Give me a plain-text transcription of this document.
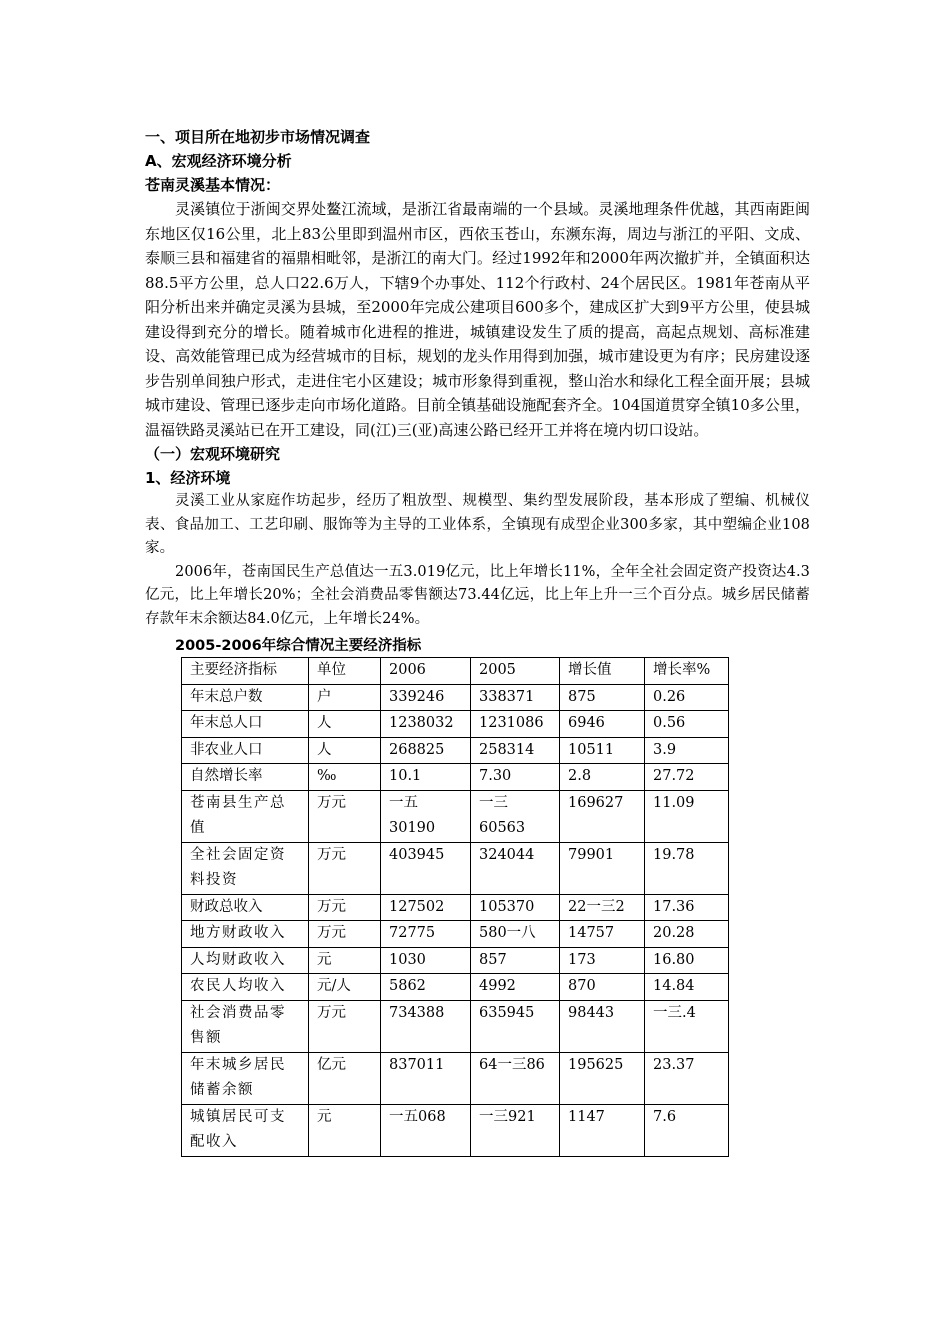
一、项目所在地初步市场情况调查

A、宏观经济环境分析

苍南灵溪基本情况：

灵溪镇位于浙闽交界处鳌江流域，是浙江省最南端的一个县域。灵溪地理条件优越，其西南距闽东地区仅16公里，北上83公里即到温州市区，西依玉苍山，东濒东海，周边与浙江的平阳、文成、泰顺三县和福建省的福鼎相毗邻，是浙江的南大门。经过1992年和2000年两次撤扩并，全镇面积达88.5平方公里，总人口22.6万人，下辖9个办事处、112个行政村、24个居民区。1981年苍南从平阳分析出来并确定灵溪为县城，至2000年完成公建项目600多个，建成区扩大到9平方公里，使县城建设得到充分的增长。随着城市化进程的推进，城镇建设发生了质的提高，高起点规划、高标准建设、高效能管理已成为经营城市的目标，规划的龙头作用得到加强，城市建设更为有序；民房建设逐步告别单间独户形式，走进住宅小区建设；城市形象得到重视，整山治水和绿化工程全面开展；县城城市建设、管理已逐步走向市场化道路。目前全镇基础设施配套齐全。104国道贯穿全镇10多公里，温福铁路灵溪站已在开工建设，同(江)三(亚)高速公路已经开工并将在境内切口设站。

（一）宏观环境研究

1、经济环境

灵溪工业从家庭作坊起步，经历了粗放型、规模型、集约型发展阶段，基本形成了塑编、机械仪表、食品加工、工艺印刷、服饰等为主导的工业体系，全镇现有成型企业300多家，其中塑编企业108家。

2006年，苍南国民生产总值达一五3.019亿元，比上年增长11%，全年全社会固定资产投资达4.3亿元，比上年增长20%；全社会消费品零售额达73.44亿远，比上年上升一三个百分点。城乡居民储蓄存款年末余额达84.0亿元，上年增长24%。

2005-2006年综合情况主要经济指标

主要经济指标	单位	2006	2005	增长值	增长率%
年末总户数	户	339246	338371	875	0.26
年末总人口	人	1238032	1231086	6946	0.56
非农业人口	人	268825	258314	10511	3.9
自然增长率	‰	10.1	7.30	2.8	27.72
苍南县生产总值	万元	一五30190	一三60563	169627	11.09
全社会固定资料投资	万元	403945	324044	79901	19.78
财政总收入	万元	127502	105370	22一三2	17.36
地方财政收入	万元	72775	580一八	14757	20.28
人均财政收入	元	1030	857	173	16.80
农民人均收入	元/人	5862	4992	870	14.84
社会消费品零售额	万元	734388	635945	98443	一三.4
年末城乡居民储蓄余额	亿元	837011	64一三86	195625	23.37
城镇居民可支配收入	元	一五068	一三921	1147	7.6
